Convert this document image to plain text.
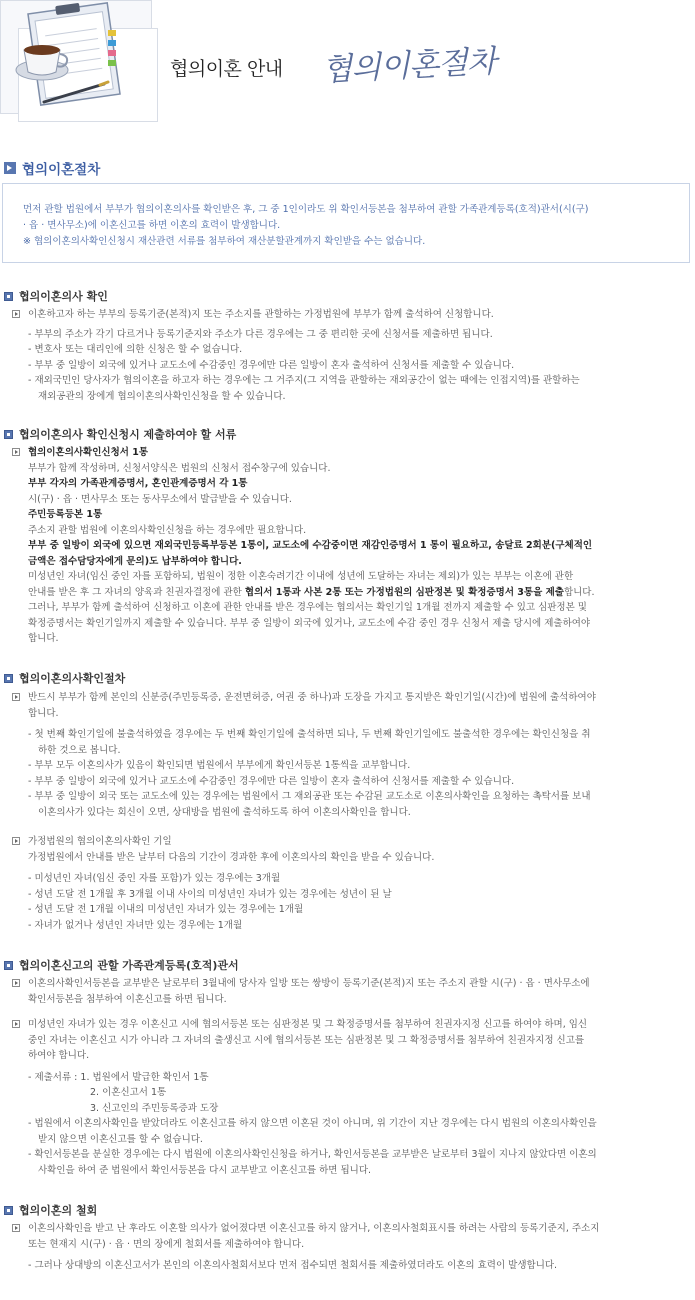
협의이혼 안내 협의이혼절차
협의이혼절차

먼저 관할 법원에서 부부가 협의이혼의사를 확인받은 후, 그 중 1인이라도 위 확인서등본을 첨부하여 관할 가족관계등록(호적)관서(시(구)

· 읍 · 면사무소)에 이혼신고를 하면 이혼의 효력이 발생합니다.

※ 협의이혼의사확인신청시 재산관련 서류를 첨부하여 재산분할관계까지 확인받을 수는 없습니다.

협의이혼의사 확인

이혼하고자 하는 부부의 등록기준(본적)지 또는 주소지를 관할하는 가정법원에 부부가 함께 출석하여 신청합니다.

- 부부의 주소가 각기 다르거나 등록기준지와 주소가 다른 경우에는 그 중 편리한 곳에 신청서를 제출하면 됩니다.

- 변호사 또는 대리인에 의한 신청은 할 수 없습니다.

- 부부 중 일방이 외국에 있거나 교도소에 수감중인 경우에만 다른 일방이 혼자 출석하여 신청서를 제출할 수 있습니다.

- 재외국민인 당사자가 협의이혼을 하고자 하는 경우에는 그 거주지(그 지역을 관할하는 재외공간이 없는 때에는 인접지역)를 관할하는

재외공관의 장에게 협의이혼의사확인신청을 할 수 있습니다.

협의이혼의사 확인신청시 제출하여야 할 서류

협의이혼의사확인신청서 1통

부부가 함께 작성하며, 신청서양식은 법원의 신청서 접수창구에 있습니다.

부부 각자의 가족관계증명서, 혼인관계증명서 각 1통

시(구) · 읍 · 면사무소 또는 동사무소에서 발급받을 수 있습니다.

주민등록등본 1통

주소지 관할 법원에 이혼의사확인신청을 하는 경우에만 필요합니다.

부부 중 일방이 외국에 있으면 재외국민등록부등본 1통이, 교도소에 수감중이면 재감인증명서 1 통이 필요하고, 송달료 2회분(구체적인

금액은 접수담당자에게 문의)도 납부하여야 합니다.

미성년인 자녀(임신 중인 자를 포함하되, 법원이 정한 이혼숙려기간 이내에 성년에 도달하는 자녀는 제외)가 있는 부부는 이혼에 관한

안내를 받은 후 그 자녀의 양육과 친권자결정에 관한 협의서 1통과 사본 2통 또는 가정법원의 심판정본 및 확정증명서 3통을 제출합니다.

그러나, 부부가 함께 출석하여 신청하고 이혼에 관한 안내를 받은 경우에는 협의서는 확인기일 1개월 전까지 제출할 수 있고 심판정본 및

확정증명서는 확인기일까지 제출할 수 있습니다. 부부 중 일방이 외국에 있거나, 교도소에 수감 중인 경우 신청서 제출 당시에 제출하여야

합니다.

협의이혼의사확인절차

반드시 부부가 함께 본인의 신분증(주민등록증, 운전면허증, 여권 중 하나)과 도장을 가지고 통지받은 확인기일(시간)에 법원에 출석하여야

합니다.

- 첫 번째 확인기일에 불출석하였을 경우에는 두 번째 확인기일에 출석하면 되나, 두 번째 확인기일에도 불출석한 경우에는 확인신청을 취

하한 것으로 봅니다.

- 부부 모두 이혼의사가 있음이 확인되면 법원에서 부부에게 확인서등본 1통씩을 교부합니다.

- 부부 중 일방이 외국에 있거나 교도소에 수감중인 경우에만 다른 일방이 혼자 출석하여 신청서를 제출할 수 있습니다.

- 부부 중 일방이 외국 또는 교도소에 있는 경우에는 법원에서 그 재외공관 또는 수감된 교도소로 이혼의사확인을 요청하는 촉탁서를 보내

이혼의사가 있다는 회신이 오면, 상대방을 법원에 출석하도록 하여 이혼의사확인을 합니다.

가정법원의 협의이혼의사확인 기일

가정법원에서 안내를 받은 날부터 다음의 기간이 경과한 후에 이혼의사의 확인을 받을 수 있습니다.

- 미성년인 자녀(임신 중인 자를 포함)가 있는 경우에는 3개월

- 성년 도달 전 1개월 후 3개월 이내 사이의 미성년인 자녀가 있는 경우에는 성년이 된 날

- 성년 도달 전 1개월 이내의 미성년인 자녀가 있는 경우에는 1개월

- 자녀가 없거나 성년인 자녀만 있는 경우에는 1개월

협의이혼신고의 관할 가족관계등록(호적)관서

이혼의사확인서등본을 교부받은 날로부터 3월내에 당사자 일방 또는 쌍방이 등록기준(본적)지 또는 주소지 관할 시(구) · 읍 · 면사무소에

확인서등본을 첨부하여 이혼신고를 하면 됩니다.

미성년인 자녀가 있는 경우 이혼신고 시에 협의서등본 또는 심판정본 및 그 확정증명서를 첨부하여 친권자지정 신고를 하여야 하며, 임신

중인 자녀는 이혼신고 시가 아니라 그 자녀의 출생신고 시에 협의서등본 또는 심판정본 및 그 확정증명서를 첨부하여 친권자지정 신고를

하여야 합니다.

- 제출서류 : 1. 법원에서 발급한 확인서 1통

2. 이혼신고서 1통

3. 신고인의 주민등록증과 도장

- 법원에서 이혼의사확인을 받았더라도 이혼신고를 하지 않으면 이혼된 것이 아니며, 위 기간이 지난 경우에는 다시 법원의 이혼의사확인을

받지 않으면 이혼신고를 할 수 없습니다.

- 확인서등본을 분실한 경우에는 다시 법원에 이혼의사확인신청을 하거나, 확인서등본을 교부받은 날로부터 3월이 지나지 않았다면 이혼의

사확인을 하여 준 법원에서 확인서등본을 다시 교부받고 이혼신고를 하면 됩니다.

협의이혼의 철회

이혼의사확인을 받고 난 후라도 이혼할 의사가 없어졌다면 이혼신고를 하지 않거나, 이혼의사철회표시를 하려는 사람의 등록기준지, 주소지

또는 현재지 시(구) · 읍 · 면의 장에게 철회서를 제출하여야 합니다.

- 그러나 상대방의 이혼신고서가 본인의 이혼의사철회서보다 먼저 접수되면 철회서를 제출하였더라도 이혼의 효력이 발생합니다.
